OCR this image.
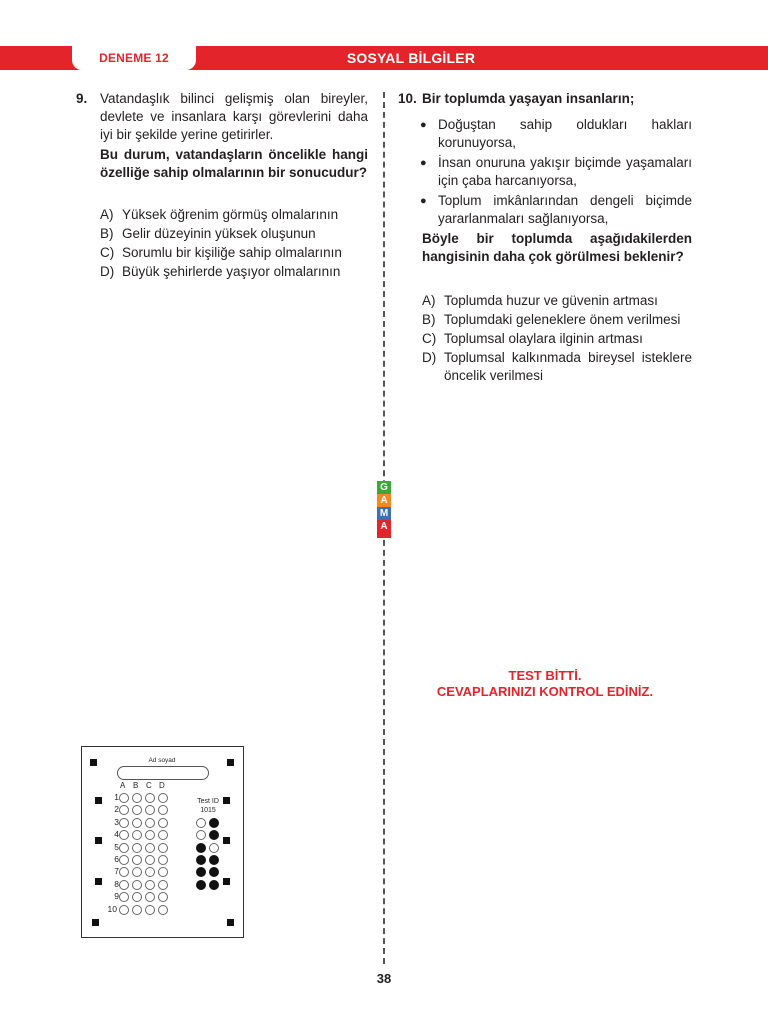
DENEME 12	SOSYAL BİLGİLER
G
A
M
A
9. Vatandaşlık bilinci gelişmiş olan bireyler, devlete ve insanlara karşı görevlerini daha iyi bir şekilde yerine getirirler.
Bu durum, vatandaşların öncelikle hangi özelliğe sahip olmalarının bir sonucudur?
A) Yüksek öğrenim görmüş olmalarının
B) Gelir düzeyinin yüksek oluşunun
C) Sorumlu bir kişiliğe sahip olmalarının
D) Büyük şehirlerde yaşıyor olmalarının
10. Bir toplumda yaşayan insanların;
● Doğuştan sahip oldukları hakları korunuyorsa,
● İnsan onuruna yakışır biçimde yaşamaları için çaba harcanıyorsa,
● Toplum imkânlarından dengeli biçimde yararlanmaları sağlanıyorsa,
Böyle bir toplumda aşağıdakilerden hangisinin daha çok görülmesi beklenir?
A) Toplumda huzur ve güvenin artması
B) Toplumdaki geleneklere önem verilmesi
C) Toplumsal olaylara ilginin artması
D) Toplumsal kalkınmada bireysel isteklere öncelik verilmesi
TEST BİTTİ.
CEVAPLARINIZI KONTROL EDİNİZ.
Ad soyad
A B C D
Test ID
1015
1
2
3
4
5
6
7
8
9
10
38
